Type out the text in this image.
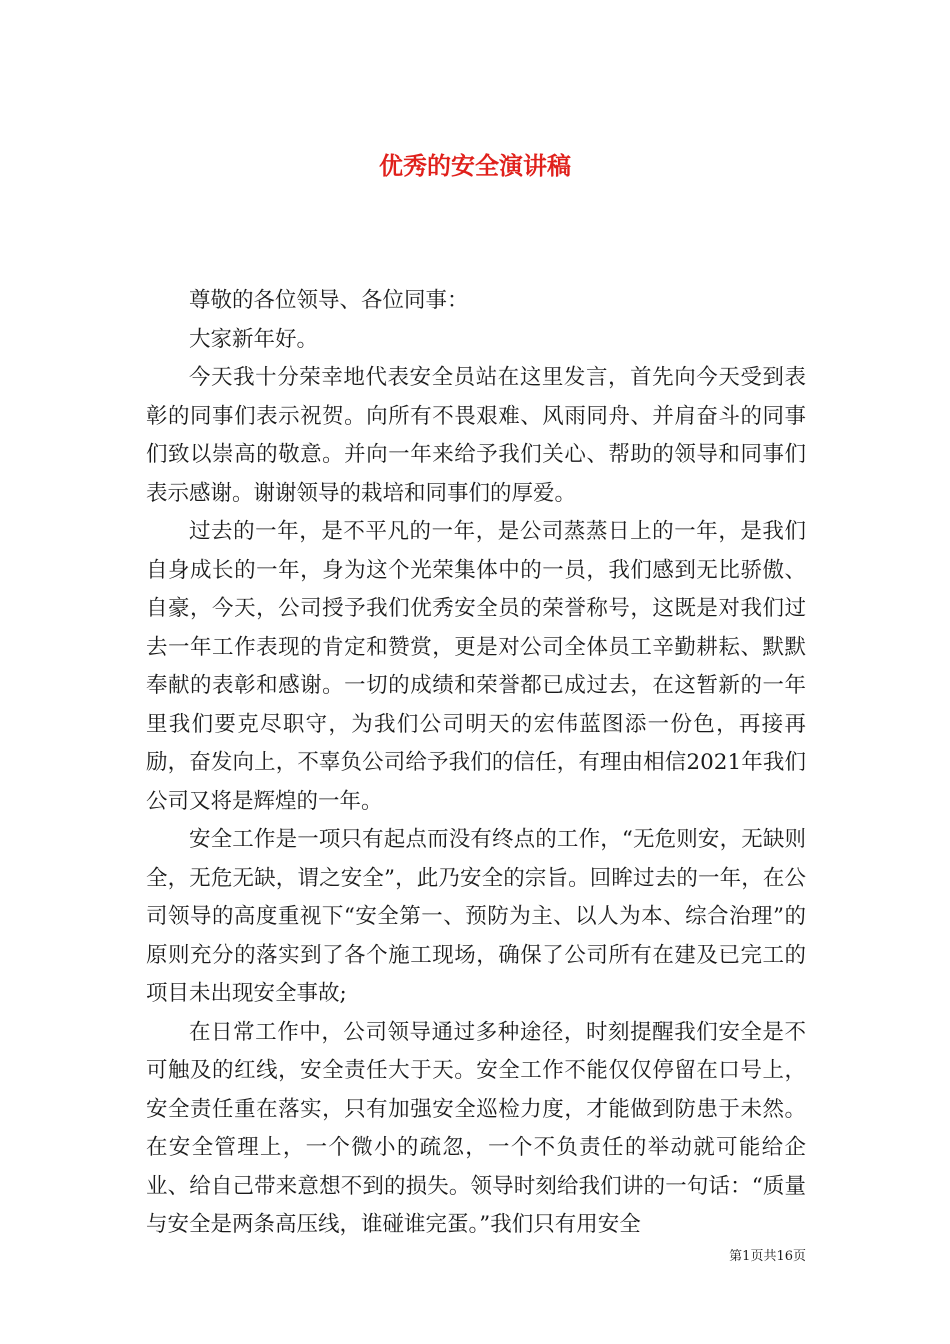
优秀的安全演讲稿

尊敬的各位领导、各位同事：

大家新年好。

今天我十分荣幸地代表安全员站在这里发言，首先向今天受到表彰的同事们表示祝贺。向所有不畏艰难、风雨同舟、并肩奋斗的同事们致以崇高的敬意。并向一年来给予我们关心、帮助的领导和同事们表示感谢。谢谢领导的栽培和同事们的厚爱。

过去的一年，是不平凡的一年，是公司蒸蒸日上的一年，是我们自身成长的一年，身为这个光荣集体中的一员，我们感到无比骄傲、自豪，今天，公司授予我们优秀安全员的荣誉称号，这既是对我们过去一年工作表现的肯定和赞赏，更是对公司全体员工辛勤耕耘、默默奉献的表彰和感谢。一切的成绩和荣誉都已成过去，在这暂新的一年里我们要克尽职守，为我们公司明天的宏伟蓝图添一份色，再接再励，奋发向上，不辜负公司给予我们的信任，有理由相信2021年我们公司又将是辉煌的一年。

安全工作是一项只有起点而没有终点的工作，“无危则安，无缺则全，无危无缺，谓之安全”，此乃安全的宗旨。回眸过去的一年，在公司领导的高度重视下“安全第一、预防为主、以人为本、综合治理”的原则充分的落实到了各个施工现场，确保了公司所有在建及已完工的项目未出现安全事故;

在日常工作中，公司领导通过多种途径，时刻提醒我们安全是不可触及的红线，安全责任大于天。安全工作不能仅仅停留在口号上，安全责任重在落实，只有加强安全巡检力度，才能做到防患于未然。在安全管理上，一个微小的疏忽，一个不负责任的举动就可能给企业、给自己带来意想不到的损失。领导时刻给我们讲的一句话：“质量与安全是两条高压线，谁碰谁完蛋。”我们只有用安全

第1页共16页
